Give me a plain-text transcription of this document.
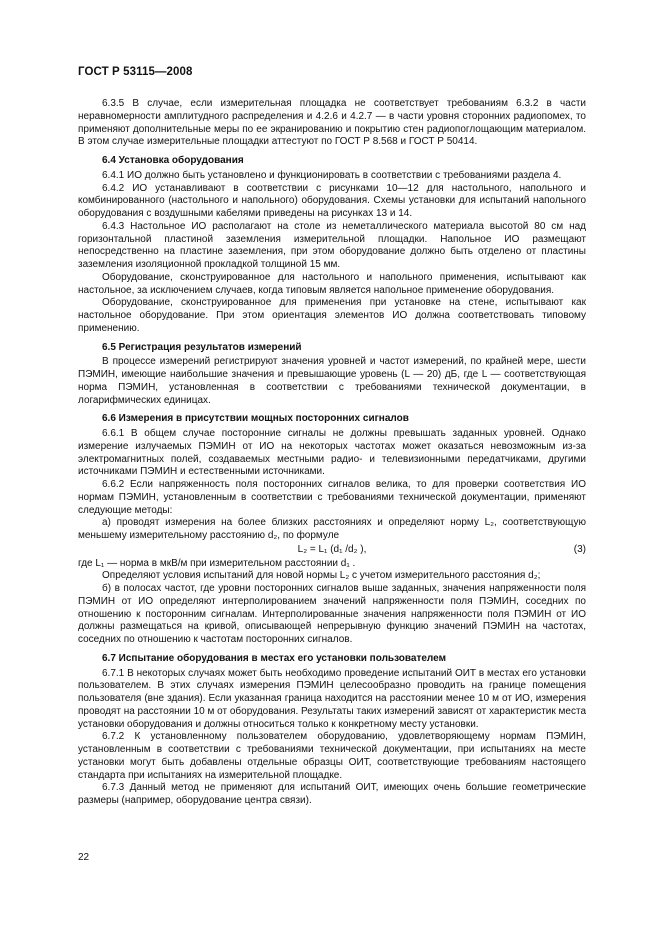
ГОСТ Р 53115—2008

6.3.5 В случае, если измерительная площадка не соответствует требованиям 6.3.2 в части неравномерности амплитудного распределения и 4.2.6 и 4.2.7 — в части уровня сторонних радиопомех, то применяют дополнительные меры по ее экранированию и покрытию стен радиопоглощающим материалом. В этом случае измерительные площадки аттестуют по ГОСТ Р 8.568 и ГОСТ Р 50414.

6.4 Установка оборудования

6.4.1 ИО должно быть установлено и функционировать в соответствии с требованиями раздела 4.

6.4.2 ИО устанавливают в соответствии с рисунками 10—12 для настольного, напольного и комбинированного (настольного и напольного) оборудования. Схемы установки для испытаний напольного оборудования с воздушными кабелями приведены на рисунках 13 и 14.

6.4.3 Настольное ИО располагают на столе из неметаллического материала высотой 80 см над горизонтальной пластиной заземления измерительной площадки. Напольное ИО размещают непосредственно на пластине заземления, при этом оборудование должно быть отделено от пластины заземления изоляционной прокладкой толщиной 15 мм.

Оборудование, сконструированное для настольного и напольного применения, испытывают как настольное, за исключением случаев, когда типовым является напольное применение оборудования.

Оборудование, сконструированное для применения при установке на стене, испытывают как настольное оборудование. При этом ориентация элементов ИО должна соответствовать типовому применению.

6.5 Регистрация результатов измерений

В процессе измерений регистрируют значения уровней и частот измерений, по крайней мере, шести ПЭМИН, имеющие наибольшие значения и превышающие уровень (L — 20) дБ, где L — соответствующая норма ПЭМИН, установленная в соответствии с требованиями технической документации, в логарифмических единицах.

6.6 Измерения в присутствии мощных посторонних сигналов

6.6.1 В общем случае посторонние сигналы не должны превышать заданных уровней. Однако измерение излучаемых ПЭМИН от ИО на некоторых частотах может оказаться невозможным из-за электромагнитных полей, создаваемых местными радио- и телевизионными передатчиками, другими источниками ПЭМИН и естественными источниками.

6.6.2 Если напряженность поля посторонних сигналов велика, то для проверки соответствия ИО нормам ПЭМИН, установленным в соответствии с требованиями технической документации, применяют следующие методы:

а) проводят измерения на более близких расстояниях и определяют норму L₂, соответствующую меньшему измерительному расстоянию d₂, по формуле

L₂ = L₁ (d₁ /d₂ ),	(3)

где L₁ — норма в мкВ/м при измерительном расстоянии d₁ .

Определяют условия испытаний для новой нормы L₂ с учетом измерительного расстояния d₂;

б) в полосах частот, где уровни посторонних сигналов выше заданных, значения напряженности поля ПЭМИН от ИО определяют интерполированием значений напряженности поля ПЭМИН, соседних по отношению к посторонним сигналам. Интерполированные значения напряженности поля ПЭМИН от ИО должны размещаться на кривой, описывающей непрерывную функцию значений ПЭМИН на частотах, соседних по отношению к частотам посторонних сигналов.

6.7 Испытание оборудования в местах его установки пользователем

6.7.1 В некоторых случаях может быть необходимо проведение испытаний ОИТ в местах его установки пользователем. В этих случаях измерения ПЭМИН целесообразно проводить на границе помещения пользователя (вне здания). Если указанная граница находится на расстоянии менее 10 м от ИО, измерения проводят на расстоянии 10 м от оборудования. Результаты таких измерений зависят от характеристик места установки оборудования и должны относиться только к конкретному месту установки.

6.7.2 К установленному пользователем оборудованию, удовлетворяющему нормам ПЭМИН, установленным в соответствии с требованиями технической документации, при испытаниях на месте установки могут быть добавлены отдельные образцы ОИТ, соответствующие требованиям настоящего стандарта при испытаниях на измерительной площадке.

6.7.3 Данный метод не применяют для испытаний ОИТ, имеющих очень большие геометрические размеры (например, оборудование центра связи).

22
